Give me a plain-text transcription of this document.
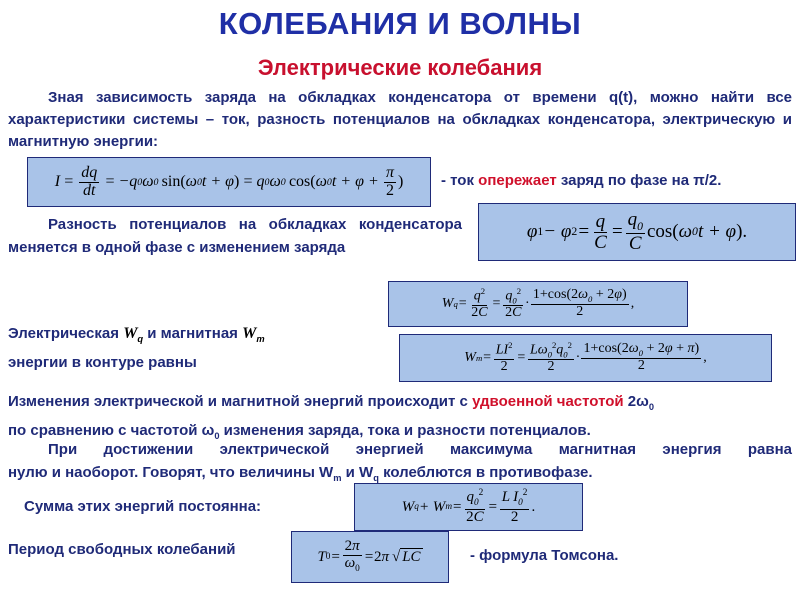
КОЛЕБАНИЯ И ВОЛНЫ
Электрические колебания
Зная зависимость заряда на обкладках конденсатора от времени q(t), можно найти все характеристики системы – ток, разность потенциалов на обкладках конденсатора, электрическую и магнитную энергии:
$I = \frac{dq}{dt} = -q$ 0 ω 0
  sin ( ω 0 t + φ )  = q 0 ω 0
  cos ( ω 0 $t + \varphi + \frac{\pi}{2}$ )	- ток опережает заряд по фазе на π/2.
Разность потенциалов на обкладках конденсатора меняется в одной фазе с изменением заряда
φ 1 − φ $2 = \frac{q}{C} = \frac{q_0}{C} \cos$( ω 0 t + φ ).
W $q = \frac{q^2}{2C} = \frac{q_0^2}{2C} \cdot \frac{1+\cos(2\omega_0 + 2\varphi)}{2}$ ,
Электрическая $W_q$ и магнитная $W_m$
энергии в контуре равны	W $m = \frac{LI^2}{2} = \frac{L\omega_0^2q_0^2}{2} \cdot \frac{1+\cos(2\omega_0 + 2\varphi + \pi)}{2}$ ,
Изменения электрической и магнитной энергий происходит с удвоенной частотой $2\omega_0$
по сравнению с частотой $\omega_0$ изменения заряда, тока и разности потенциалов.
При достижении электрической энергией максимума магнитная энергия равна
нулю и наоборот. Говорят, что величины $W_m$ и $W_q$ колеблются в противофазе.
Сумма этих энергий постоянна:	W q + W $m = \frac{q_0^2}{2C} = \frac{L I_0^2}{2}$ .
Период свободных колебаний	T $0 = \frac{2\pi}{\omega_0} = 2$ π  √ LC	- формула Томсона.
